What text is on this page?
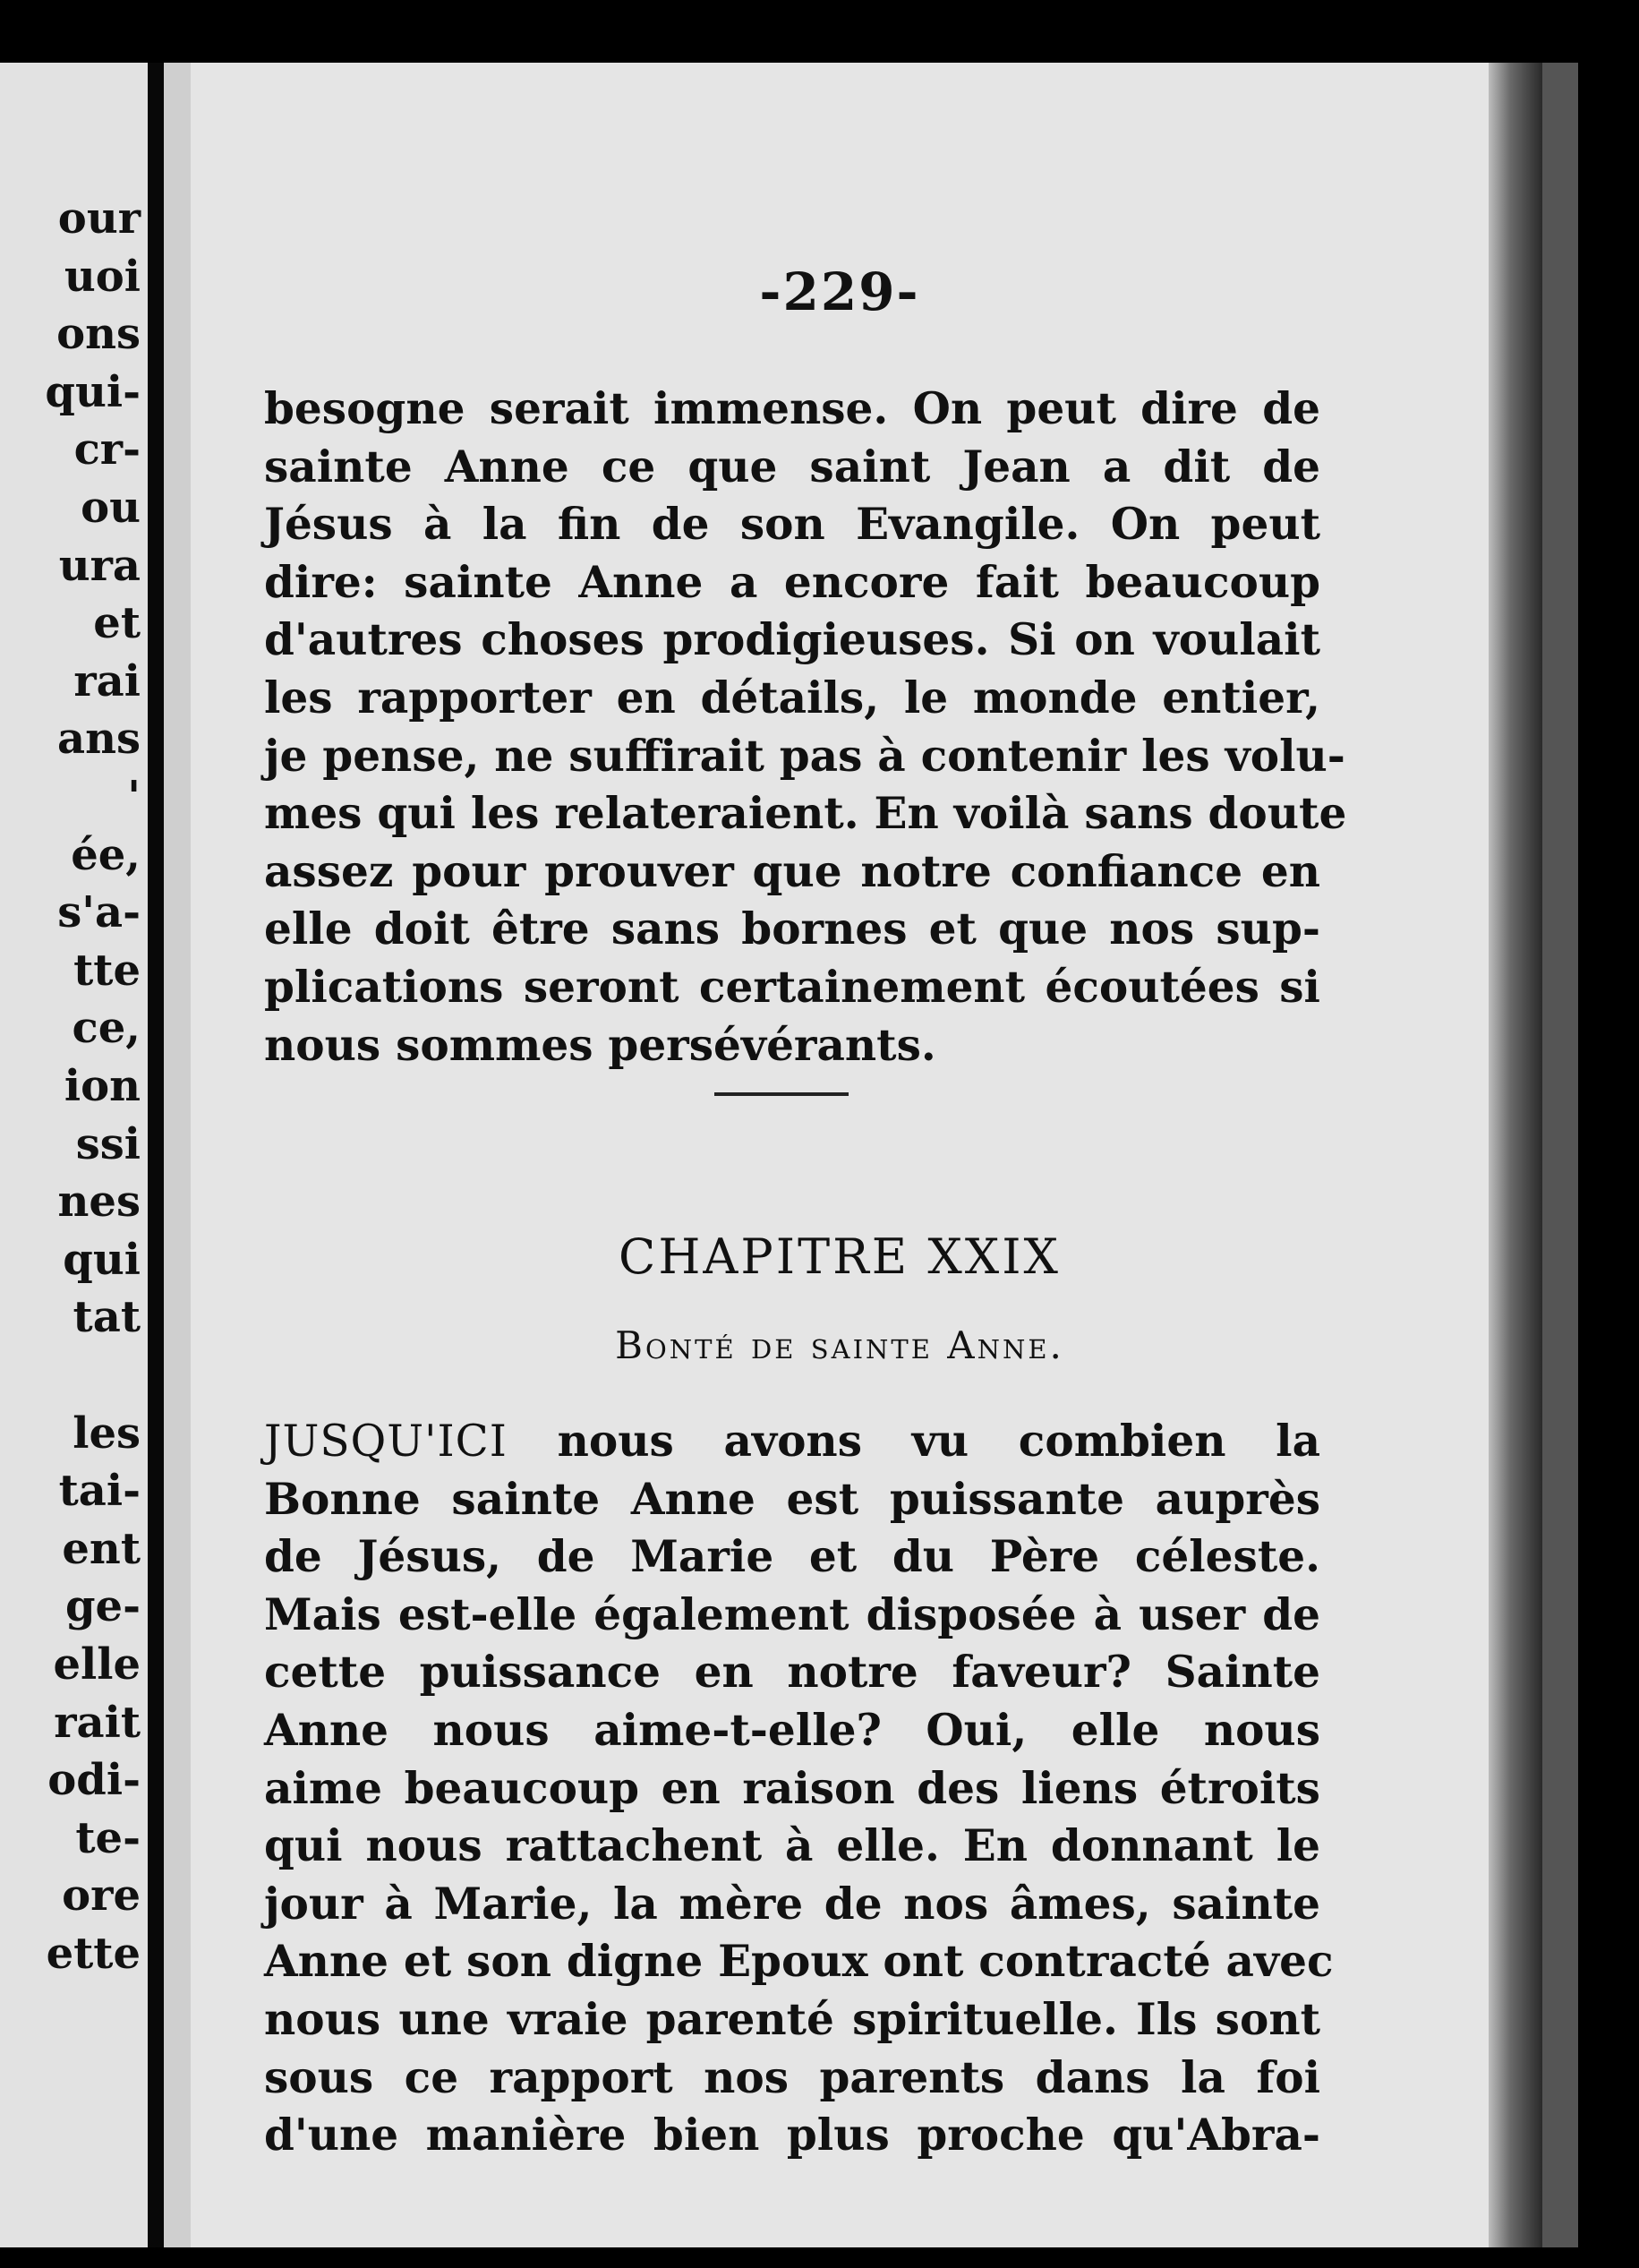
our
uoi
ons
qui-
cr-
ou
ura
et
rai
ans
'
ée,
s'a-
tte
ce,
ion
ssi
nes
qui
tat
les
tai-
ent
ge-
elle
rait
odi-
te-
ore
ette
-229-
besogne serait immense. On peut dire de
sainte Anne ce que saint Jean a dit de
Jésus à la fin de son Evangile. On peut
dire: sainte Anne a encore fait beaucoup
d'autres choses prodigieuses. Si on voulait
les rapporter en détails, le monde entier,
je pense, ne suffirait pas à contenir les volu-
mes qui les relateraient. En voilà sans doute
assez pour prouver que notre confiance en
elle doit être sans bornes et que nos sup-
plications seront certainement écoutées si
nous sommes persévérants.
CHAPITRE XXIX
Bonté de sainte Anne.
JUSQU'ICI nous avons vu combien la
Bonne sainte Anne est puissante auprès
de Jésus, de Marie et du Père céleste.
Mais est-elle également disposée à user de
cette puissance en notre faveur? Sainte
Anne nous aime-t-elle? Oui, elle nous
aime beaucoup en raison des liens étroits
qui nous rattachent à elle. En donnant le
jour à Marie, la mère de nos âmes, sainte
Anne et son digne Epoux ont contracté avec
nous une vraie parenté spirituelle. Ils sont
sous ce rapport nos parents dans la foi
d'une manière bien plus proche qu'Abra-
